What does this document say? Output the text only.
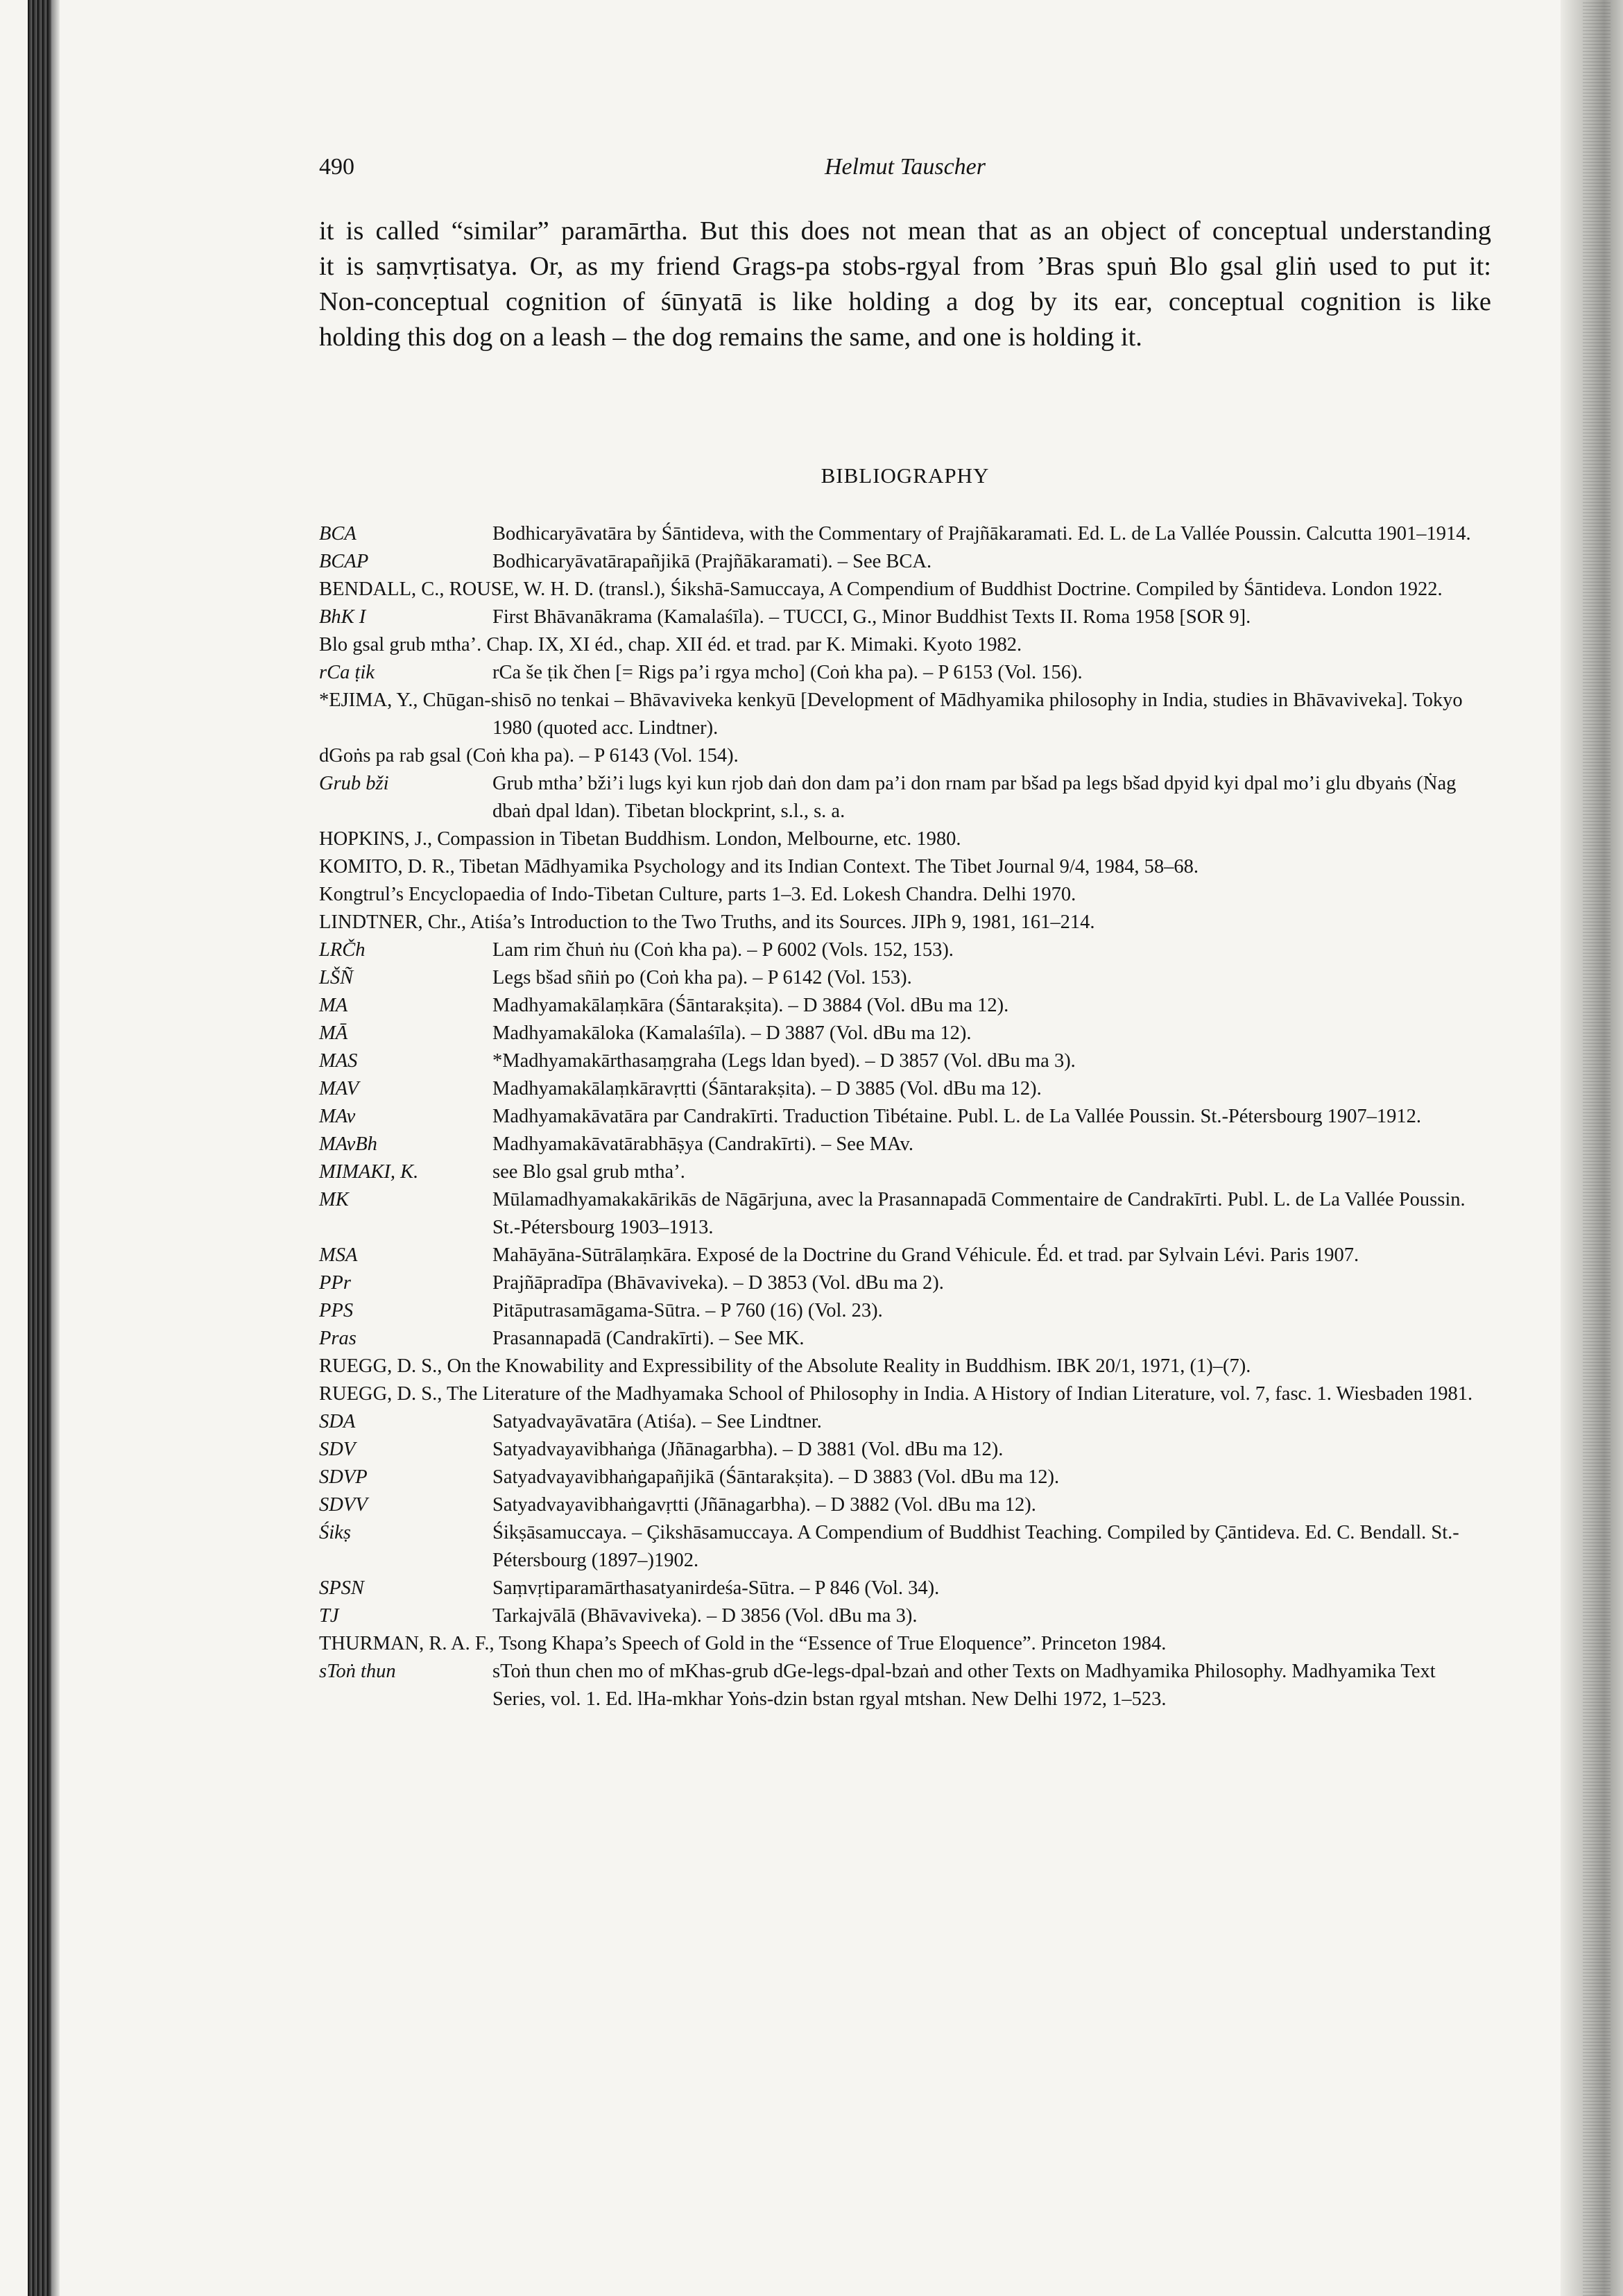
490	Helmut Tauscher
it is called “similar” paramārtha. But this does not mean that as an object of conceptual understanding
it is saṃvṛtisatya. Or, as my friend Grags-pa stobs-rgyal from ’Bras spuṅ Blo gsal gliṅ used to put it:
Non-conceptual cognition of śūnyatā is like holding a dog by its ear, conceptual cognition is like
holding this dog on a leash – the dog remains the same, and one is holding it.
BIBLIOGRAPHY
BCA	Bodhicaryāvatāra by Śāntideva, with the Commentary of Prajñākaramati. Ed. L. de La Vallée Poussin. Calcutta 1901–1914.
BCAP	Bodhicaryāvatārapañjikā (Prajñākaramati). – See BCA.
BENDALL, C., ROUSE, W. H. D. (transl.), Śikshā-Samuccaya, A Compendium of Buddhist Doctrine. Compiled by Śāntideva. London 1922.
BhK I	First Bhāvanākrama (Kamalaśīla). – TUCCI, G., Minor Buddhist Texts II. Roma 1958 [SOR 9].
Blo gsal grub mtha’. Chap. IX, XI éd., chap. XII éd. et trad. par K. Mimaki. Kyoto 1982.
rCa ṭik	rCa še ṭik čhen [= Rigs pa’i rgya mcho] (Coṅ kha pa). – P 6153 (Vol. 156).
*EJIMA, Y., Chūgan-shisō no tenkai – Bhāvaviveka kenkyū [Development of Mādhyamika philosophy in India, studies in Bhāvaviveka]. Tokyo 1980 (quoted acc. Lindtner).
dGoṅs pa rab gsal (Coṅ kha pa). – P 6143 (Vol. 154).
Grub bži	Grub mtha’ bži’i lugs kyi kun rjob daṅ don dam pa’i don rnam par bšad pa legs bšad dpyid kyi dpal mo’i glu dbyaṅs (Ṅag dbaṅ dpal ldan). Tibetan blockprint, s.l., s. a.
HOPKINS, J., Compassion in Tibetan Buddhism. London, Melbourne, etc. 1980.
KOMITO, D. R., Tibetan Mādhyamika Psychology and its Indian Context. The Tibet Journal 9/4, 1984, 58–68.
Kongtrul’s Encyclopaedia of Indo-Tibetan Culture, parts 1–3. Ed. Lokesh Chandra. Delhi 1970.
LINDTNER, Chr., Atiśa’s Introduction to the Two Truths, and its Sources. JIPh 9, 1981, 161–214.
LRČh	Lam rim čhuṅ ṅu (Coṅ kha pa). – P 6002 (Vols. 152, 153).
LŠÑ	Legs bšad sñiṅ po (Coṅ kha pa). – P 6142 (Vol. 153).
MA	Madhyamakālaṃkāra (Śāntarakṣita). – D 3884 (Vol. dBu ma 12).
MĀ	Madhyamakāloka (Kamalaśīla). – D 3887 (Vol. dBu ma 12).
MAS	*Madhyamakārthasaṃgraha (Legs ldan byed). – D 3857 (Vol. dBu ma 3).
MAV	Madhyamakālaṃkāravṛtti (Śāntarakṣita). – D 3885 (Vol. dBu ma 12).
MAv	Madhyamakāvatāra par Candrakīrti. Traduction Tibétaine. Publ. L. de La Vallée Poussin. St.-Pétersbourg 1907–1912.
MAvBh	Madhyamakāvatārabhāṣya (Candrakīrti). – See MAv.
MIMAKI, K.	see Blo gsal grub mtha’.
MK	Mūlamadhyamakakārikās de Nāgārjuna, avec la Prasannapadā Commentaire de Candrakīrti. Publ. L. de La Vallée Poussin. St.-Pétersbourg 1903–1913.
MSA	Mahāyāna-Sūtrālaṃkāra. Exposé de la Doctrine du Grand Véhicule. Éd. et trad. par Sylvain Lévi. Paris 1907.
PPr	Prajñāpradīpa (Bhāvaviveka). – D 3853 (Vol. dBu ma 2).
PPS	Pitāputrasamāgama-Sūtra. – P 760 (16) (Vol. 23).
Pras	Prasannapadā (Candrakīrti). – See MK.
RUEGG, D. S., On the Knowability and Expressibility of the Absolute Reality in Buddhism. IBK 20/1, 1971, (1)–(7).
RUEGG, D. S., The Literature of the Madhyamaka School of Philosophy in India. A History of Indian Literature, vol. 7, fasc. 1. Wiesbaden 1981.
SDA	Satyadvayāvatāra (Atiśa). – See Lindtner.
SDV	Satyadvayavibhaṅga (Jñānagarbha). – D 3881 (Vol. dBu ma 12).
SDVP	Satyadvayavibhaṅgapañjikā (Śāntarakṣita). – D 3883 (Vol. dBu ma 12).
SDVV	Satyadvayavibhaṅgavṛtti (Jñānagarbha). – D 3882 (Vol. dBu ma 12).
Śikṣ	Śikṣāsamuccaya. – Çikshāsamuccaya. A Compendium of Buddhist Teaching. Compiled by Çāntideva. Ed. C. Bendall. St.-Pétersbourg (1897–)1902.
SPSN	Saṃvṛtiparamārthasatyanirdeśa-Sūtra. – P 846 (Vol. 34).
TJ	Tarkajvālā (Bhāvaviveka). – D 3856 (Vol. dBu ma 3).
THURMAN, R. A. F., Tsong Khapa’s Speech of Gold in the “Essence of True Eloquence”. Princeton 1984.
sToṅ thun	sToṅ thun chen mo of mKhas-grub dGe-legs-dpal-bzaṅ and other Texts on Madhyamika Philosophy. Madhyamika Text Series, vol. 1. Ed. lHa-mkhar Yoṅs-dzin bstan rgyal mtshan. New Delhi 1972, 1–523.
